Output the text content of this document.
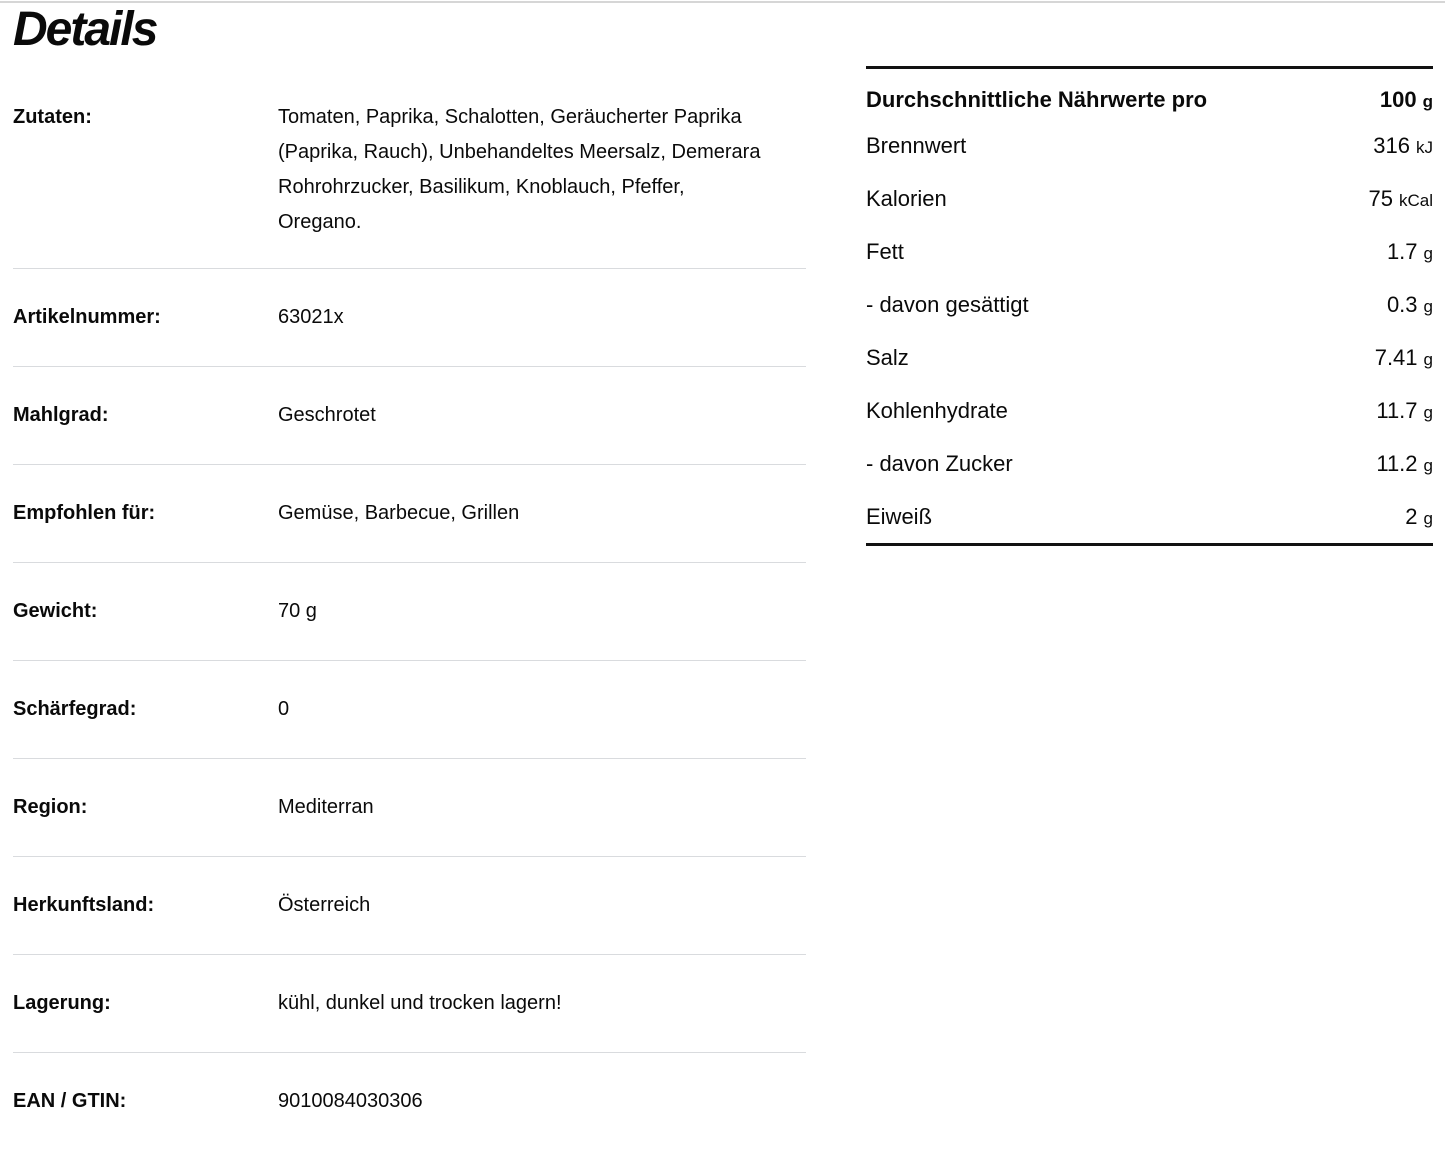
Details
Zutaten:	Tomaten, Paprika, Schalotten, Geräucherter Paprika (Paprika, Rauch), Unbehandeltes Meersalz, Demerara Rohrohrzucker, Basilikum, Knoblauch, Pfeffer, Oregano.
Artikelnummer:	63021x
Mahlgrad:	Geschrotet
Empfohlen für:	Gemüse, Barbecue, Grillen
Gewicht:	70 g
Schärfegrad:	0
Region:	Mediterran
Herkunftsland:	Österreich
Lagerung:	kühl, dunkel und trocken lagern!
EAN / GTIN:	9010084030306
Durchschnittliche Nährwerte pro	100 g
Brennwert	316 kJ
Kalorien	75 kCal
Fett	1.7 g
- davon gesättigt	0.3 g
Salz	7.41 g
Kohlenhydrate	11.7 g
- davon Zucker	11.2 g
Eiweiß	2 g
